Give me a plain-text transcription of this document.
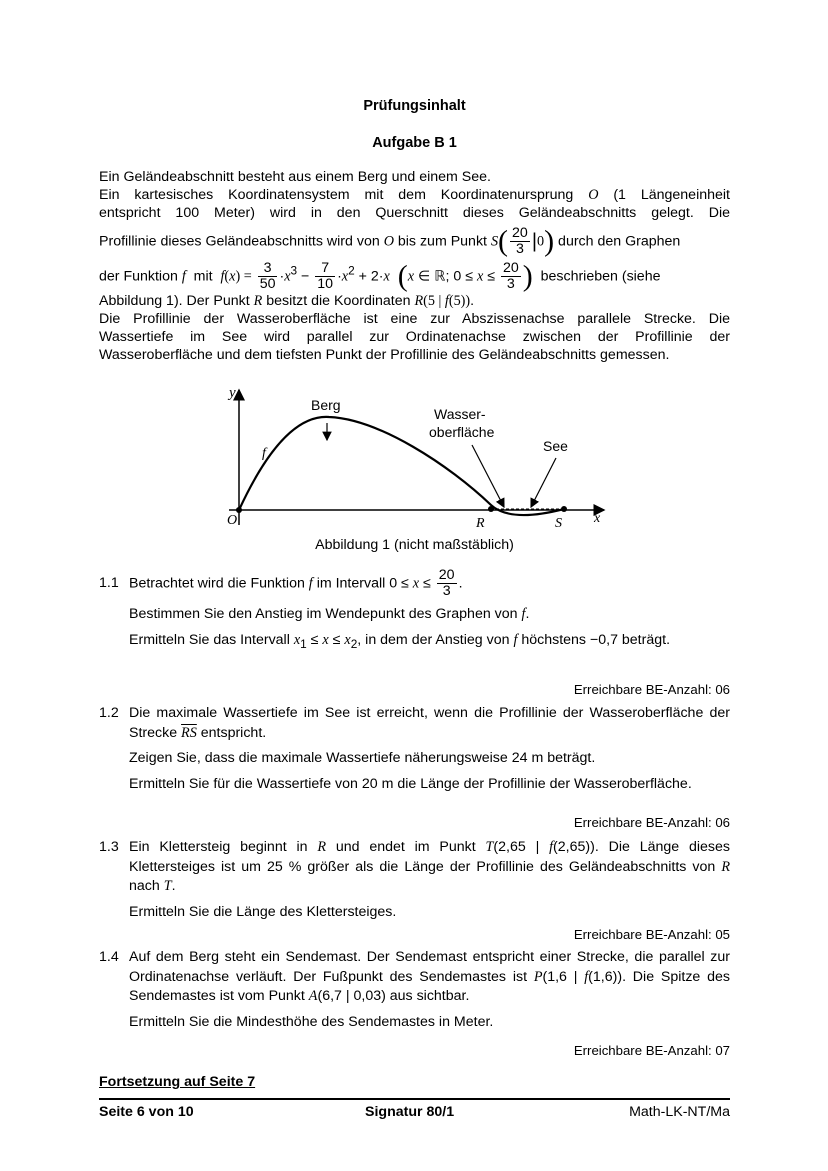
Prüfungsinhalt
Aufgabe B 1
Ein Geländeabschnitt besteht aus einem Berg und einem See.
Ein kartesisches Koordinatensystem mit dem Koordinatenursprung O (1 Längeneinheit
entspricht 100 Meter) wird in den Querschnitt dieses Geländeabschnitts gelegt. Die
Profillinie dieses Geländeabschnitts wird von O bis zum Punkt $S( \frac{20}{3} |0)$ durch den Graphen
der Funktion f  mit  $f(x) = \frac{3}{50} \cdot x^3 - \frac{7}{10} \cdot x^2 + 2\cdot x$ (x ∈ ℝ; $0 \le x \le \frac{20}{3}$ )  beschrieben (siehe
Abbildung 1). Der Punkt R besitzt die Koordinaten R(5 | f(5)).
Die Profillinie der Wasseroberfläche ist eine zur Abszissenachse parallele Strecke. Die
Wassertiefe im See wird parallel zur Ordinatenachse zwischen der Profillinie der
Wasseroberfläche und dem tiefsten Punkt der Profillinie des Geländeabschnitts gemessen.
y
Berg
Wasser-
oberfläche
See
f
O	R	S x
Abbildung 1 (nicht maßstäblich)
1.1 Betrachtet wird die Funktion f im Intervall $0 \le x \le \frac{20}{3}$ .

Bestimmen Sie den Anstieg im Wendepunkt des Graphen von f.

Ermitteln Sie das Intervall $x_1 \le x \le x_2$, in dem der Anstieg von f höchstens −0,7 beträgt.

Erreichbare BE-Anzahl: 06
1.2 Die maximale Wassertiefe im See ist erreicht, wenn die Profillinie der Wasseroberfläche der Strecke $\overline{RS}$ entspricht.

Zeigen Sie, dass die maximale Wassertiefe näherungsweise 24 m beträgt.

Ermitteln Sie für die Wassertiefe von 20 m die Länge der Profillinie der Wasseroberfläche.

Erreichbare BE-Anzahl: 06
1.3 Ein Klettersteig beginnt in R und endet im Punkt T(2,65 | f(2,65)). Die Länge dieses Klettersteiges ist um 25 % größer als die Länge der Profillinie des Geländeabschnitts von R nach T.

Ermitteln Sie die Länge des Klettersteiges.

Erreichbare BE-Anzahl: 05
1.4 Auf dem Berg steht ein Sendemast. Der Sendemast entspricht einer Strecke, die parallel zur Ordinatenachse verläuft. Der Fußpunkt des Sendemastes ist P(1,6 | f(1,6)). Die Spitze des Sendemastes ist vom Punkt A(6,7 | 0,03) aus sichtbar.

Ermitteln Sie die Mindesthöhe des Sendemastes in Meter.

Erreichbare BE-Anzahl: 07
Fortsetzung auf Seite 7
Seite 6 von 10	Signatur 80/1	Math-LK-NT/Ma
